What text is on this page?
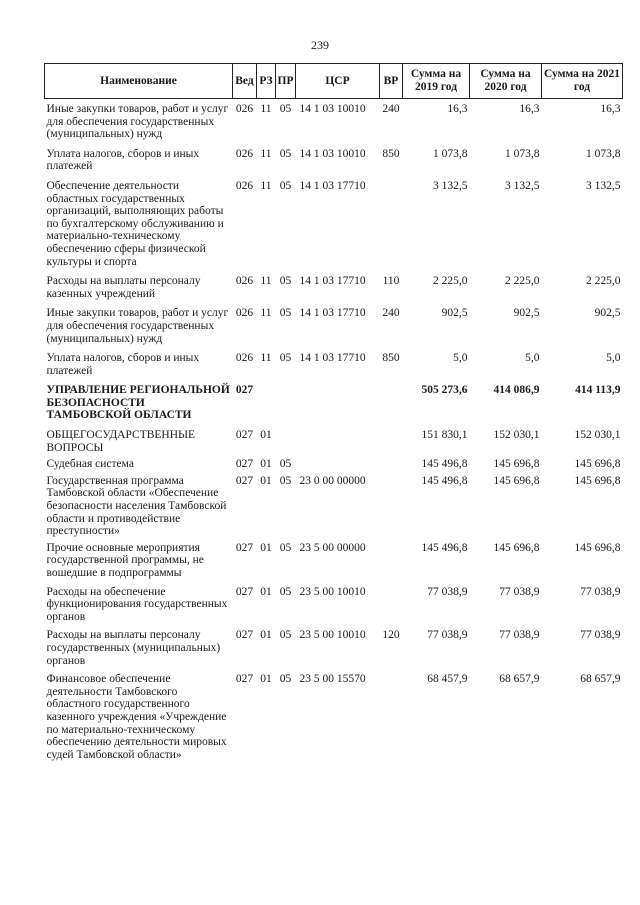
239
Наименование	Вед	РЗ	ПР	ЦСР	ВР	Сумма на 2019 год	Сумма на 2020 год	Сумма на 2021 год
Иные закупки товаров, работ и услуг для обеспечения государственных (муниципальных) нужд	026	11	05	14 1 03 10010	240	16,3	16,3	16,3
Уплата налогов, сборов и иных платежей	026	11	05	14 1 03 10010	850	1 073,8	1 073,8	1 073,8
Обеспечение деятельности областных государственных организаций, выполняющих работы по бухгалтерскому обслуживанию и материально-техническому обеспечению сферы физической культуры и спорта	026	11	05	14 1 03 17710		3 132,5	3 132,5	3 132,5
Расходы на выплаты персоналу казенных учреждений	026	11	05	14 1 03 17710	110	2 225,0	2 225,0	2 225,0
Иные закупки товаров, работ и услуг для обеспечения государственных (муниципальных) нужд	026	11	05	14 1 03 17710	240	902,5	902,5	902,5
Уплата налогов, сборов и иных платежей	026	11	05	14 1 03 17710	850	5,0	5,0	5,0
УПРАВЛЕНИЕ РЕГИОНАЛЬНОЙ БЕЗОПАСНОСТИ ТАМБОВСКОЙ ОБЛАСТИ	027					505 273,6	414 086,9	414 113,9
ОБЩЕГОСУДАРСТВЕННЫЕ ВОПРОСЫ	027	01				151 830,1	152 030,1	152 030,1
Судебная система	027	01	05			145 496,8	145 696,8	145 696,8
Государственная программа Тамбовской области «Обеспечение безопасности населения Тамбовской области и противодействие преступности»	027	01	05	23 0 00 00000		145 496,8	145 696,8	145 696,8
Прочие основные мероприятия государственной программы, не вошедшие в подпрограммы	027	01	05	23 5 00 00000		145 496,8	145 696,8	145 696,8
Расходы на обеспечение функционирования государственных органов	027	01	05	23 5 00 10010		77 038,9	77 038,9	77 038,9
Расходы на выплаты персоналу государственных (муниципальных) органов	027	01	05	23 5 00 10010	120	77 038,9	77 038,9	77 038,9
Финансовое обеспечение деятельности Тамбовского областного государственного казенного учреждения «Учреждение по материально-техническому обеспечению деятельности мировых судей Тамбовской области»	027	01	05	23 5 00 15570		68 457,9	68 657,9	68 657,9
